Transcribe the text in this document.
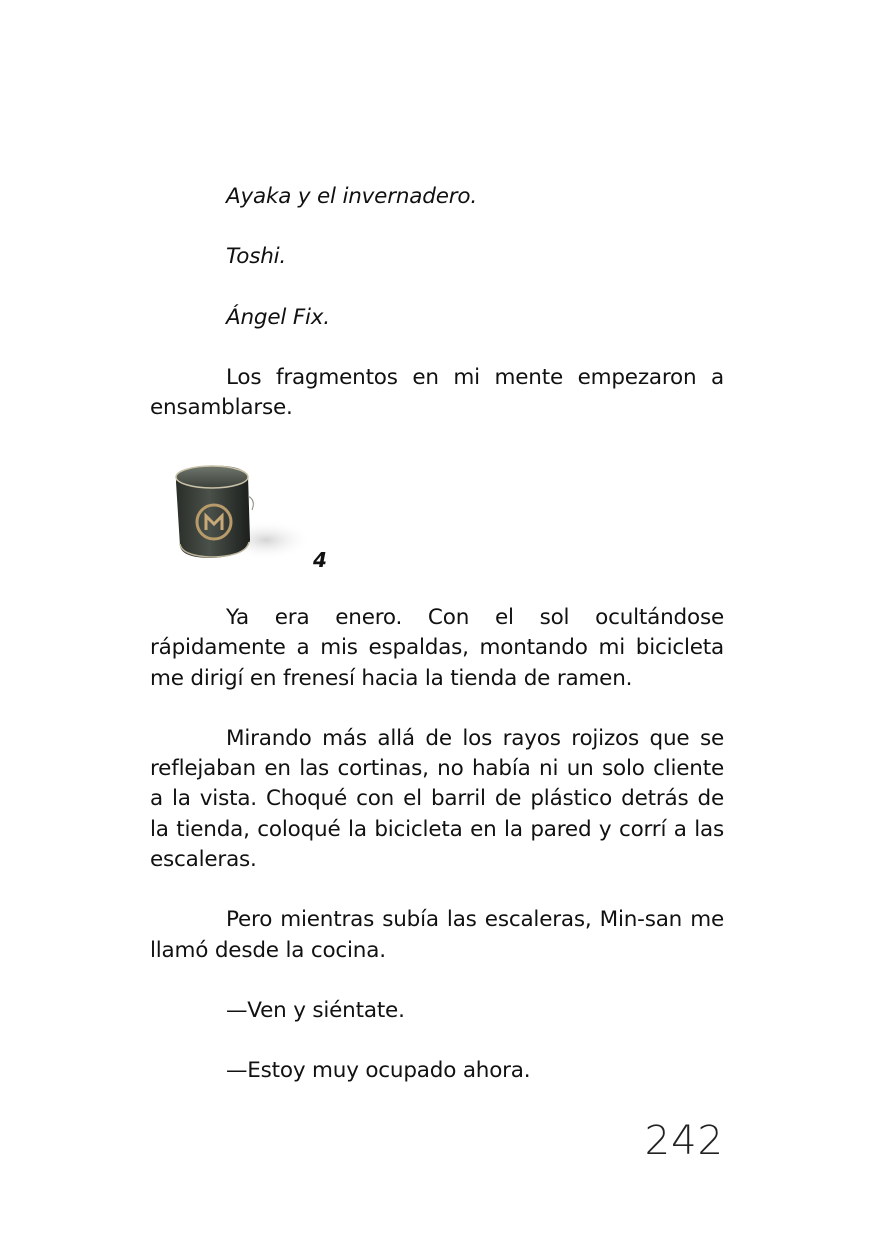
Ayaka y el invernadero.

Toshi.

Ángel Fix.

Los fragmentos en mi mente empezaron a ensamblarse.

4

Ya era enero. Con el sol ocultándose rápidamente a mis espaldas, montando mi bicicleta me dirigí en frenesí hacia la tienda de ramen.

Mirando más allá de los rayos rojizos que se reflejaban en las cortinas, no había ni un solo cliente a la vista. Choqué con el barril de plástico detrás de la tienda, coloqué la bicicleta en la pared y corrí a las escaleras.

Pero mientras subía las escaleras, Min-san me llamó desde la cocina.

—Ven y siéntate.

—Estoy muy ocupado ahora.

242
